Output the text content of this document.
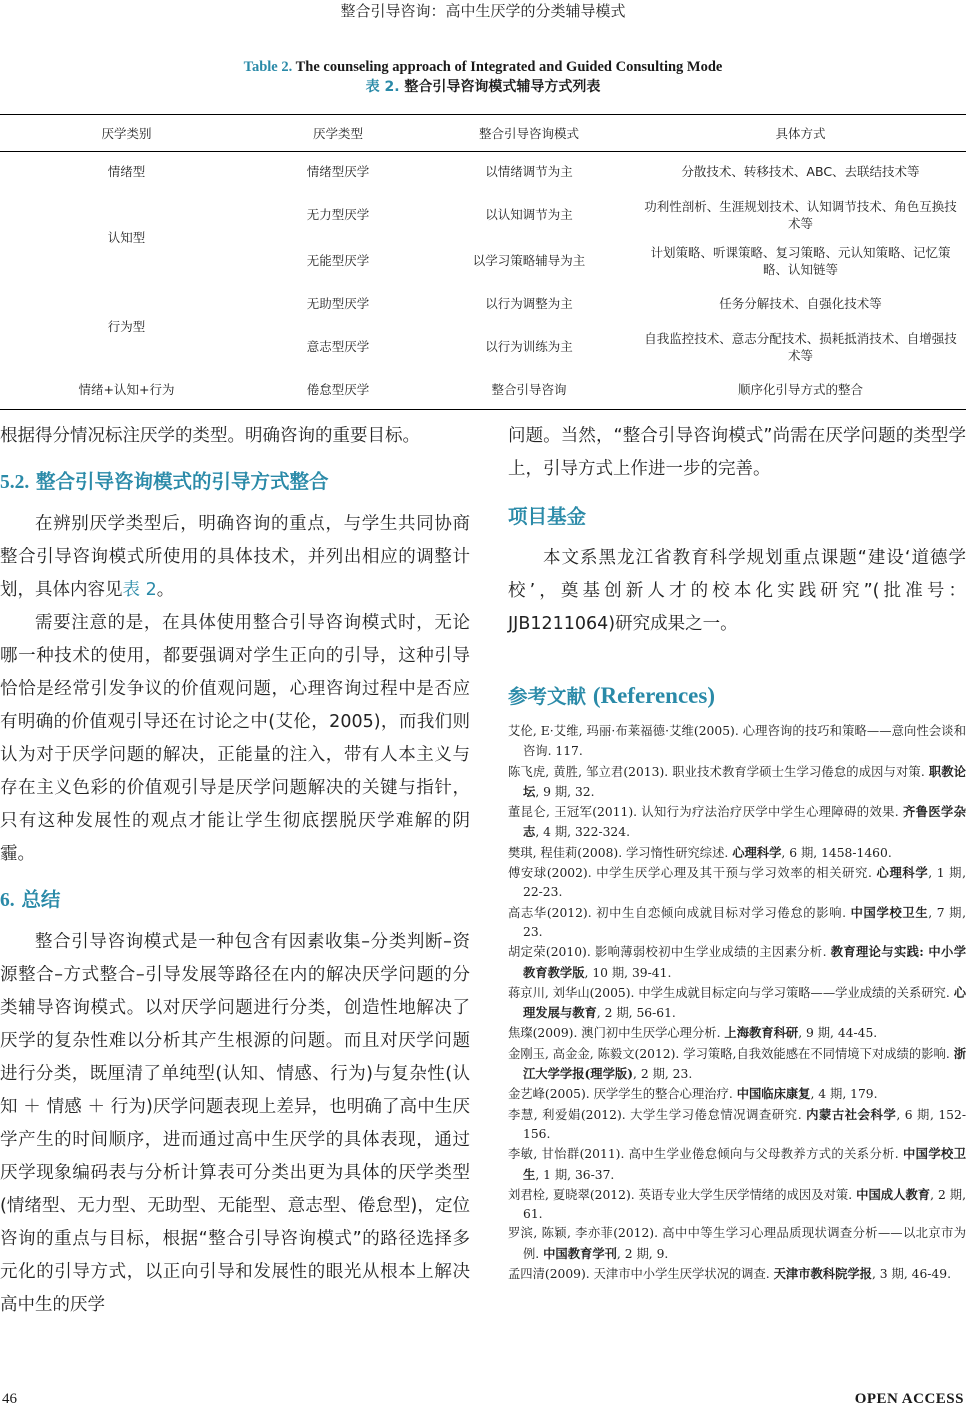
整合引导咨询：高中生厌学的分类辅导模式
Table 2. The counseling approach of Integrated and Guided Consulting Mode
表 2. 整合引导咨询模式辅导方式列表
厌学类别	厌学类型	整合引导咨询模式	具体方式
情绪型	情绪型厌学	以情绪调节为主	分散技术、转移技术、ABC、去联结技术等
认知型	无力型厌学	以认知调节为主	功利性剖析、生涯规划技术、认知调节技术、角色互换技术等
	无能型厌学	以学习策略辅导为主	计划策略、听课策略、复习策略、元认知策略、记忆策略、认知链等
行为型	无助型厌学	以行为调整为主	任务分解技术、自强化技术等
	意志型厌学	以行为训练为主	自我监控技术、意志分配技术、损耗抵消技术、自增强技术等
情绪+认知+行为	倦怠型厌学	整合引导咨询	顺序化引导方式的整合

根据得分情况标注厌学的类型。明确咨询的重要目标。

5.2. 整合引导咨询模式的引导方式整合

在辨别厌学类型后，明确咨询的重点，与学生共同协商整合引导咨询模式所使用的具体技术，并列出相应的调整计划，具体内容见表 2。

需要注意的是，在具体使用整合引导咨询模式时，无论哪一种技术的使用，都要强调对学生正向的引导，这种引导恰恰是经常引发争议的价值观问题，心理咨询过程中是否应有明确的价值观引导还在讨论之中(艾伦，2005)，而我们则认为对于厌学问题的解决，正能量的注入，带有人本主义与存在主义色彩的价值观引导是厌学问题解决的关键与指针，只有这种发展性的观点才能让学生彻底摆脱厌学难解的阴霾。

6. 总结

整合引导咨询模式是一种包含有因素收集–分类判断–资源整合–方式整合–引导发展等路径在内的解决厌学问题的分类辅导咨询模式。以对厌学问题进行分类，创造性地解决了厌学的复杂性难以分析其产生根源的问题。而且对厌学问题进行分类，既厘清了单纯型(认知、情感、行为)与复杂性(认知 ＋ 情感 ＋ 行为)厌学问题表现上差异，也明确了高中生厌学产生的时间顺序，进而通过高中生厌学的具体表现，通过厌学现象编码表与分析计算表可分类出更为具体的厌学类型(情绪型、无力型、无助型、无能型、意志型、倦怠型)，定位咨询的重点与目标，根据“整合引导咨询模式”的路径选择多元化的引导方式，以正向引导和发展性的眼光从根本上解决高中生的厌学

问题。当然，“整合引导咨询模式”尚需在厌学问题的类型学上，引导方式上作进一步的完善。

项目基金

本文系黑龙江省教育科学规划重点课题“建设‘道德学校’，奠基创新人才的校本化实践研究”(批准号：JJB1211064)研究成果之一。

参考文献 (References)
艾伦, E·艾维, 玛丽·布莱福德·艾维(2005). 心理咨询的技巧和策略——意向性会谈和咨询. 117.
陈飞虎, 黄胜, 邹立君(2013). 职业技术教育学硕士生学习倦怠的成因与对策. 职教论坛, 9 期, 32.
董昆仑, 王冠军(2011). 认知行为疗法治疗厌学中学生心理障碍的效果. 齐鲁医学杂志, 4 期, 322-324.
樊琪, 程佳莉(2008). 学习惰性研究综述. 心理科学, 6 期, 1458-1460.
傅安球(2002). 中学生厌学心理及其干预与学习效率的相关研究. 心理科学, 1 期, 22-23.
高志华(2012). 初中生自恋倾向成就目标对学习倦怠的影响. 中国学校卫生, 7 期, 23.
胡定荣(2010). 影响薄弱校初中生学业成绩的主因素分析. 教育理论与实践: 中小学教育教学版, 10 期, 39-41.
蒋京川, 刘华山(2005). 中学生成就目标定向与学习策略——学业成绩的关系研究. 心理发展与教育, 2 期, 56-61.
焦璨(2009). 澳门初中生厌学心理分析. 上海教育科研, 9 期, 44-45.
金刚玉, 高金金, 陈毅文(2012). 学习策略,自我效能感在不同情境下对成绩的影响. 浙江大学学报(理学版), 2 期, 23.
金艺峰(2005). 厌学学生的整合心理治疗. 中国临床康复, 4 期, 179.
李慧, 利爱娟(2012). 大学生学习倦怠情况调查研究. 内蒙古社会科学, 6 期, 152-156.
李敏, 甘怡群(2011). 高中生学业倦怠倾向与父母教养方式的关系分析. 中国学校卫生, 1 期, 36-37.
刘君栓, 夏晓翠(2012). 英语专业大学生厌学情绪的成因及对策. 中国成人教育, 2 期, 61.
罗滨, 陈颖, 李亦菲(2012). 高中中等生学习心理品质现状调查分析——以北京市为例. 中国教育学刊, 2 期, 9.
孟四清(2009). 天津市中小学生厌学状况的调查. 天津市教科院学报, 3 期, 46-49.
46	OPEN ACCESS
